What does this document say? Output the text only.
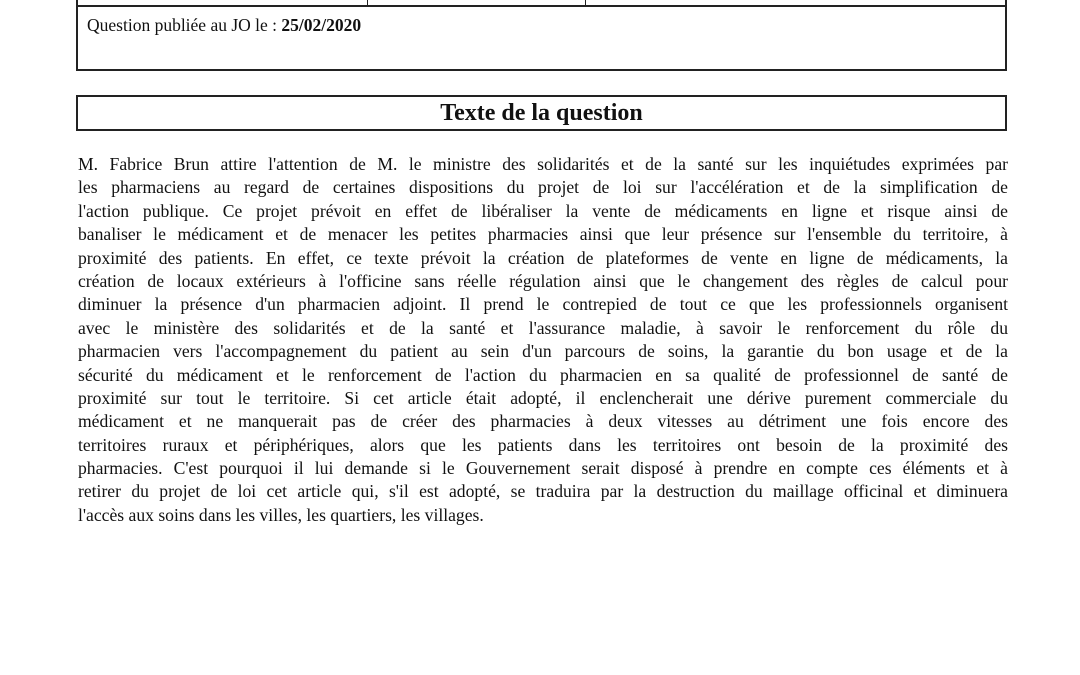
Question publiée au JO le : 25/02/2020
Texte de la question
M. Fabrice Brun attire l'attention de M. le ministre des solidarités et de la santé sur les inquiétudes exprimées par
les pharmaciens au regard de certaines dispositions du projet de loi sur l'accélération et de la simplification de
l'action publique. Ce projet prévoit en effet de libéraliser la vente de médicaments en ligne et risque ainsi de
banaliser le médicament et de menacer les petites pharmacies ainsi que leur présence sur l'ensemble du territoire, à
proximité des patients. En effet, ce texte prévoit la création de plateformes de vente en ligne de médicaments, la
création de locaux extérieurs à l'officine sans réelle régulation ainsi que le changement des règles de calcul pour
diminuer la présence d'un pharmacien adjoint. Il prend le contrepied de tout ce que les professionnels organisent
avec le ministère des solidarités et de la santé et l'assurance maladie, à savoir le renforcement du rôle du
pharmacien vers l'accompagnement du patient au sein d'un parcours de soins, la garantie du bon usage et de la
sécurité du médicament et le renforcement de l'action du pharmacien en sa qualité de professionnel de santé de
proximité sur tout le territoire. Si cet article était adopté, il enclencherait une dérive purement commerciale du
médicament et ne manquerait pas de créer des pharmacies à deux vitesses au détriment une fois encore des
territoires ruraux et périphériques, alors que les patients dans les territoires ont besoin de la proximité des
pharmacies. C'est pourquoi il lui demande si le Gouvernement serait disposé à prendre en compte ces éléments et à
retirer du projet de loi cet article qui, s'il est adopté, se traduira par la destruction du maillage officinal et diminuera
l'accès aux soins dans les villes, les quartiers, les villages.
